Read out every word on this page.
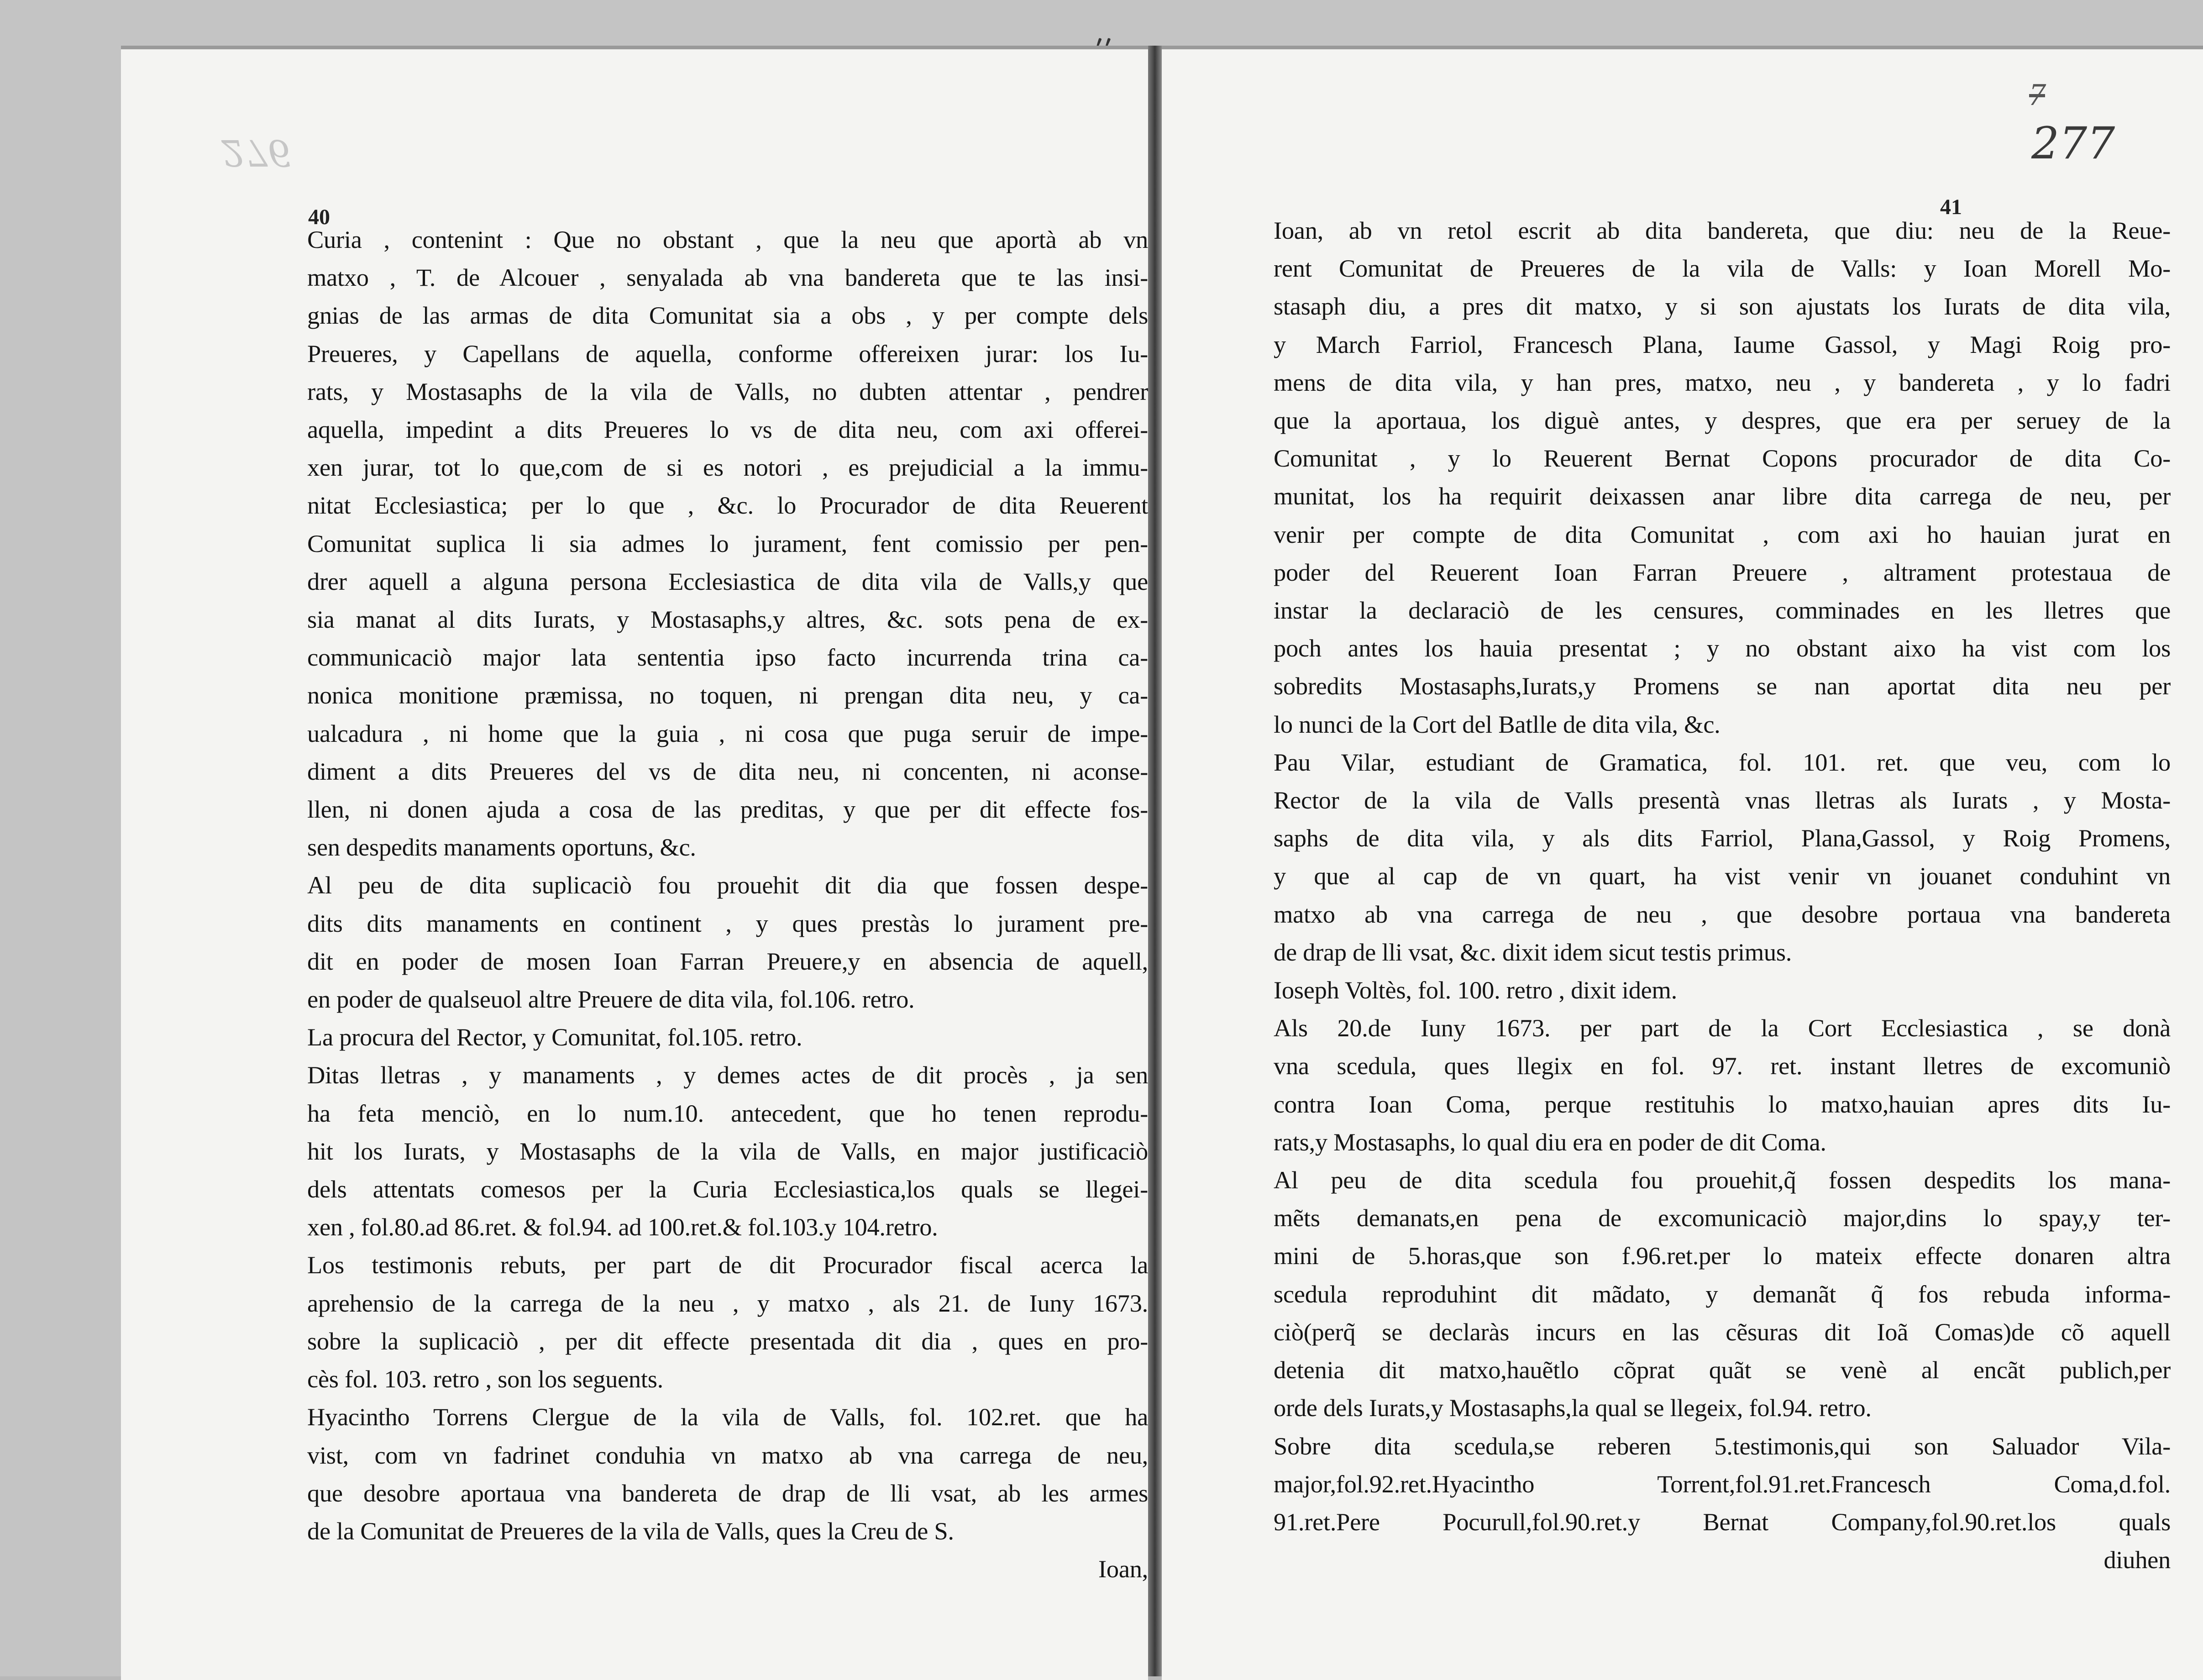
276
40
Curia , contenint : Que no obstant , que la neu que aportà ab vn
matxo , T. de Alcouer , senyalada ab vna bandereta que te las insi-
gnias de las armas de dita Comunitat sia a obs , y per compte dels
Preueres, y Capellans de aquella, conforme offereixen jurar: los Iu-
rats, y Mostasaphs de la vila de Valls, no dubten attentar , pendrer
aquella, impedint a dits Preueres lo vs de dita neu, com axi offerei-
xen jurar, tot lo que,com de si es notori , es prejudicial a la immu-
nitat Ecclesiastica; per lo que , &c. lo Procurador de dita Reuerent
Comunitat suplica li sia admes lo jurament, fent comissio per pen-
drer aquell a alguna persona Ecclesiastica de dita vila de Valls,y que
sia manat al dits Iurats, y Mostasaphs,y altres, &c. sots pena de ex-
communicaciò major lata sententia ipso facto incurrenda trina ca-
nonica monitione præmissa, no toquen, ni prengan dita neu, y ca-
ualcadura , ni home que la guia , ni cosa que puga seruir de impe-
diment a dits Preueres del vs de dita neu, ni concenten, ni aconse-
llen, ni donen ajuda a cosa de las preditas, y que per dit effecte fos-
sen despedits manaments oportuns, &c.
Al peu de dita suplicaciò fou prouehit dit dia que fossen despe-
dits dits manaments en continent , y ques prestàs lo jurament pre-
dit en poder de mosen Ioan Farran Preuere,y en absencia de aquell,
en poder de qualseuol altre Preuere de dita vila, fol.106. retro.
La procura del Rector, y Comunitat, fol.105. retro.
Ditas lletras , y manaments , y demes actes de dit procès , ja sen
ha feta menciò, en lo num.10. antecedent, que ho tenen reprodu-
hit los Iurats, y Mostasaphs de la vila de Valls, en major justificaciò
dels attentats comesos per la Curia Ecclesiastica,los quals se llegei-
xen , fol.80.ad 86.ret. & fol.94. ad 100.ret.& fol.103.y 104.retro.
Los testimonis rebuts, per part de dit Procurador fiscal acerca la
aprehensio de la carrega de la neu , y matxo , als 21. de Iuny 1673.
sobre la suplicaciò , per dit effecte presentada dit dia , ques en pro-
cès fol. 103. retro , son los seguents.
Hyacintho Torrens Clergue de la vila de Valls, fol. 102.ret. que ha
vist, com vn fadrinet conduhia vn matxo ab vna carrega de neu,
que desobre aportaua vna bandereta de drap de lli vsat, ab les armes
de la Comunitat de Preueres de la vila de Valls, ques la Creu de S.
Ioan,
7
277
41
Ioan, ab vn retol escrit ab dita bandereta, que diu: neu de la Reue-
rent Comunitat de Preueres de la vila de Valls: y Ioan Morell Mo-
stasaph diu, a pres dit matxo, y si son ajustats los Iurats de dita vila,
y March Farriol, Francesch Plana, Iaume Gassol, y Magi Roig pro-
mens de dita vila, y han pres, matxo, neu , y bandereta , y lo fadri
que la aportaua, los diguè antes, y despres, que era per seruey de la
Comunitat , y lo Reuerent Bernat Copons procurador de dita Co-
munitat, los ha requirit deixassen anar libre dita carrega de neu, per
venir per compte de dita Comunitat , com axi ho hauian jurat en
poder del Reuerent Ioan Farran Preuere , altrament protestaua de
instar la declaraciò de les censures, comminades en les lletres que
poch antes los hauia presentat ; y no obstant aixo ha vist com los
sobredits Mostasaphs,Iurats,y Promens se nan aportat dita neu per
lo nunci de la Cort del Batlle de dita vila, &c.
Pau Vilar, estudiant de Gramatica, fol. 101. ret. que veu, com lo
Rector de la vila de Valls presentà vnas lletras als Iurats , y Mosta-
saphs de dita vila, y als dits Farriol, Plana,Gassol, y Roig Promens,
y que al cap de vn quart, ha vist venir vn jouanet conduhint vn
matxo ab vna carrega de neu , que desobre portaua vna bandereta
de drap de lli vsat, &c. dixit idem sicut testis primus.
Ioseph Voltès, fol. 100. retro , dixit idem.
Als 20.de Iuny 1673. per part de la Cort Ecclesiastica , se donà
vna scedula, ques llegix en fol. 97. ret. instant lletres de excomuniò
contra Ioan Coma, perque restituhis lo matxo,hauian apres dits Iu-
rats,y Mostasaphs, lo qual diu era en poder de dit Coma.
Al peu de dita scedula fou prouehit,q̃ fossen despedits los mana-
mẽts demanats,en pena de excomunicaciò major,dins lo spay,y ter-
mini de 5.horas,que son f.96.ret.per lo mateix effecte donaren altra
scedula reproduhint dit mãdato, y demanãt q̃ fos rebuda informa-
ciò(perq̃ se declaràs incurs en las cẽsuras dit Ioã Comas)de cõ aquell
detenia dit matxo,hauẽtlo cõprat quãt se venè al encãt publich,per
orde dels Iurats,y Mostasaphs,la qual se llegeix, fol.94. retro.
Sobre dita scedula,se reberen 5.testimonis,qui son Saluador Vila-
major,fol.92.ret.Hyacintho Torrent,fol.91.ret.Francesch Coma,d.fol.
91.ret.Pere Pocurull,fol.90.ret.y Bernat Company,fol.90.ret.los quals
diuhen
